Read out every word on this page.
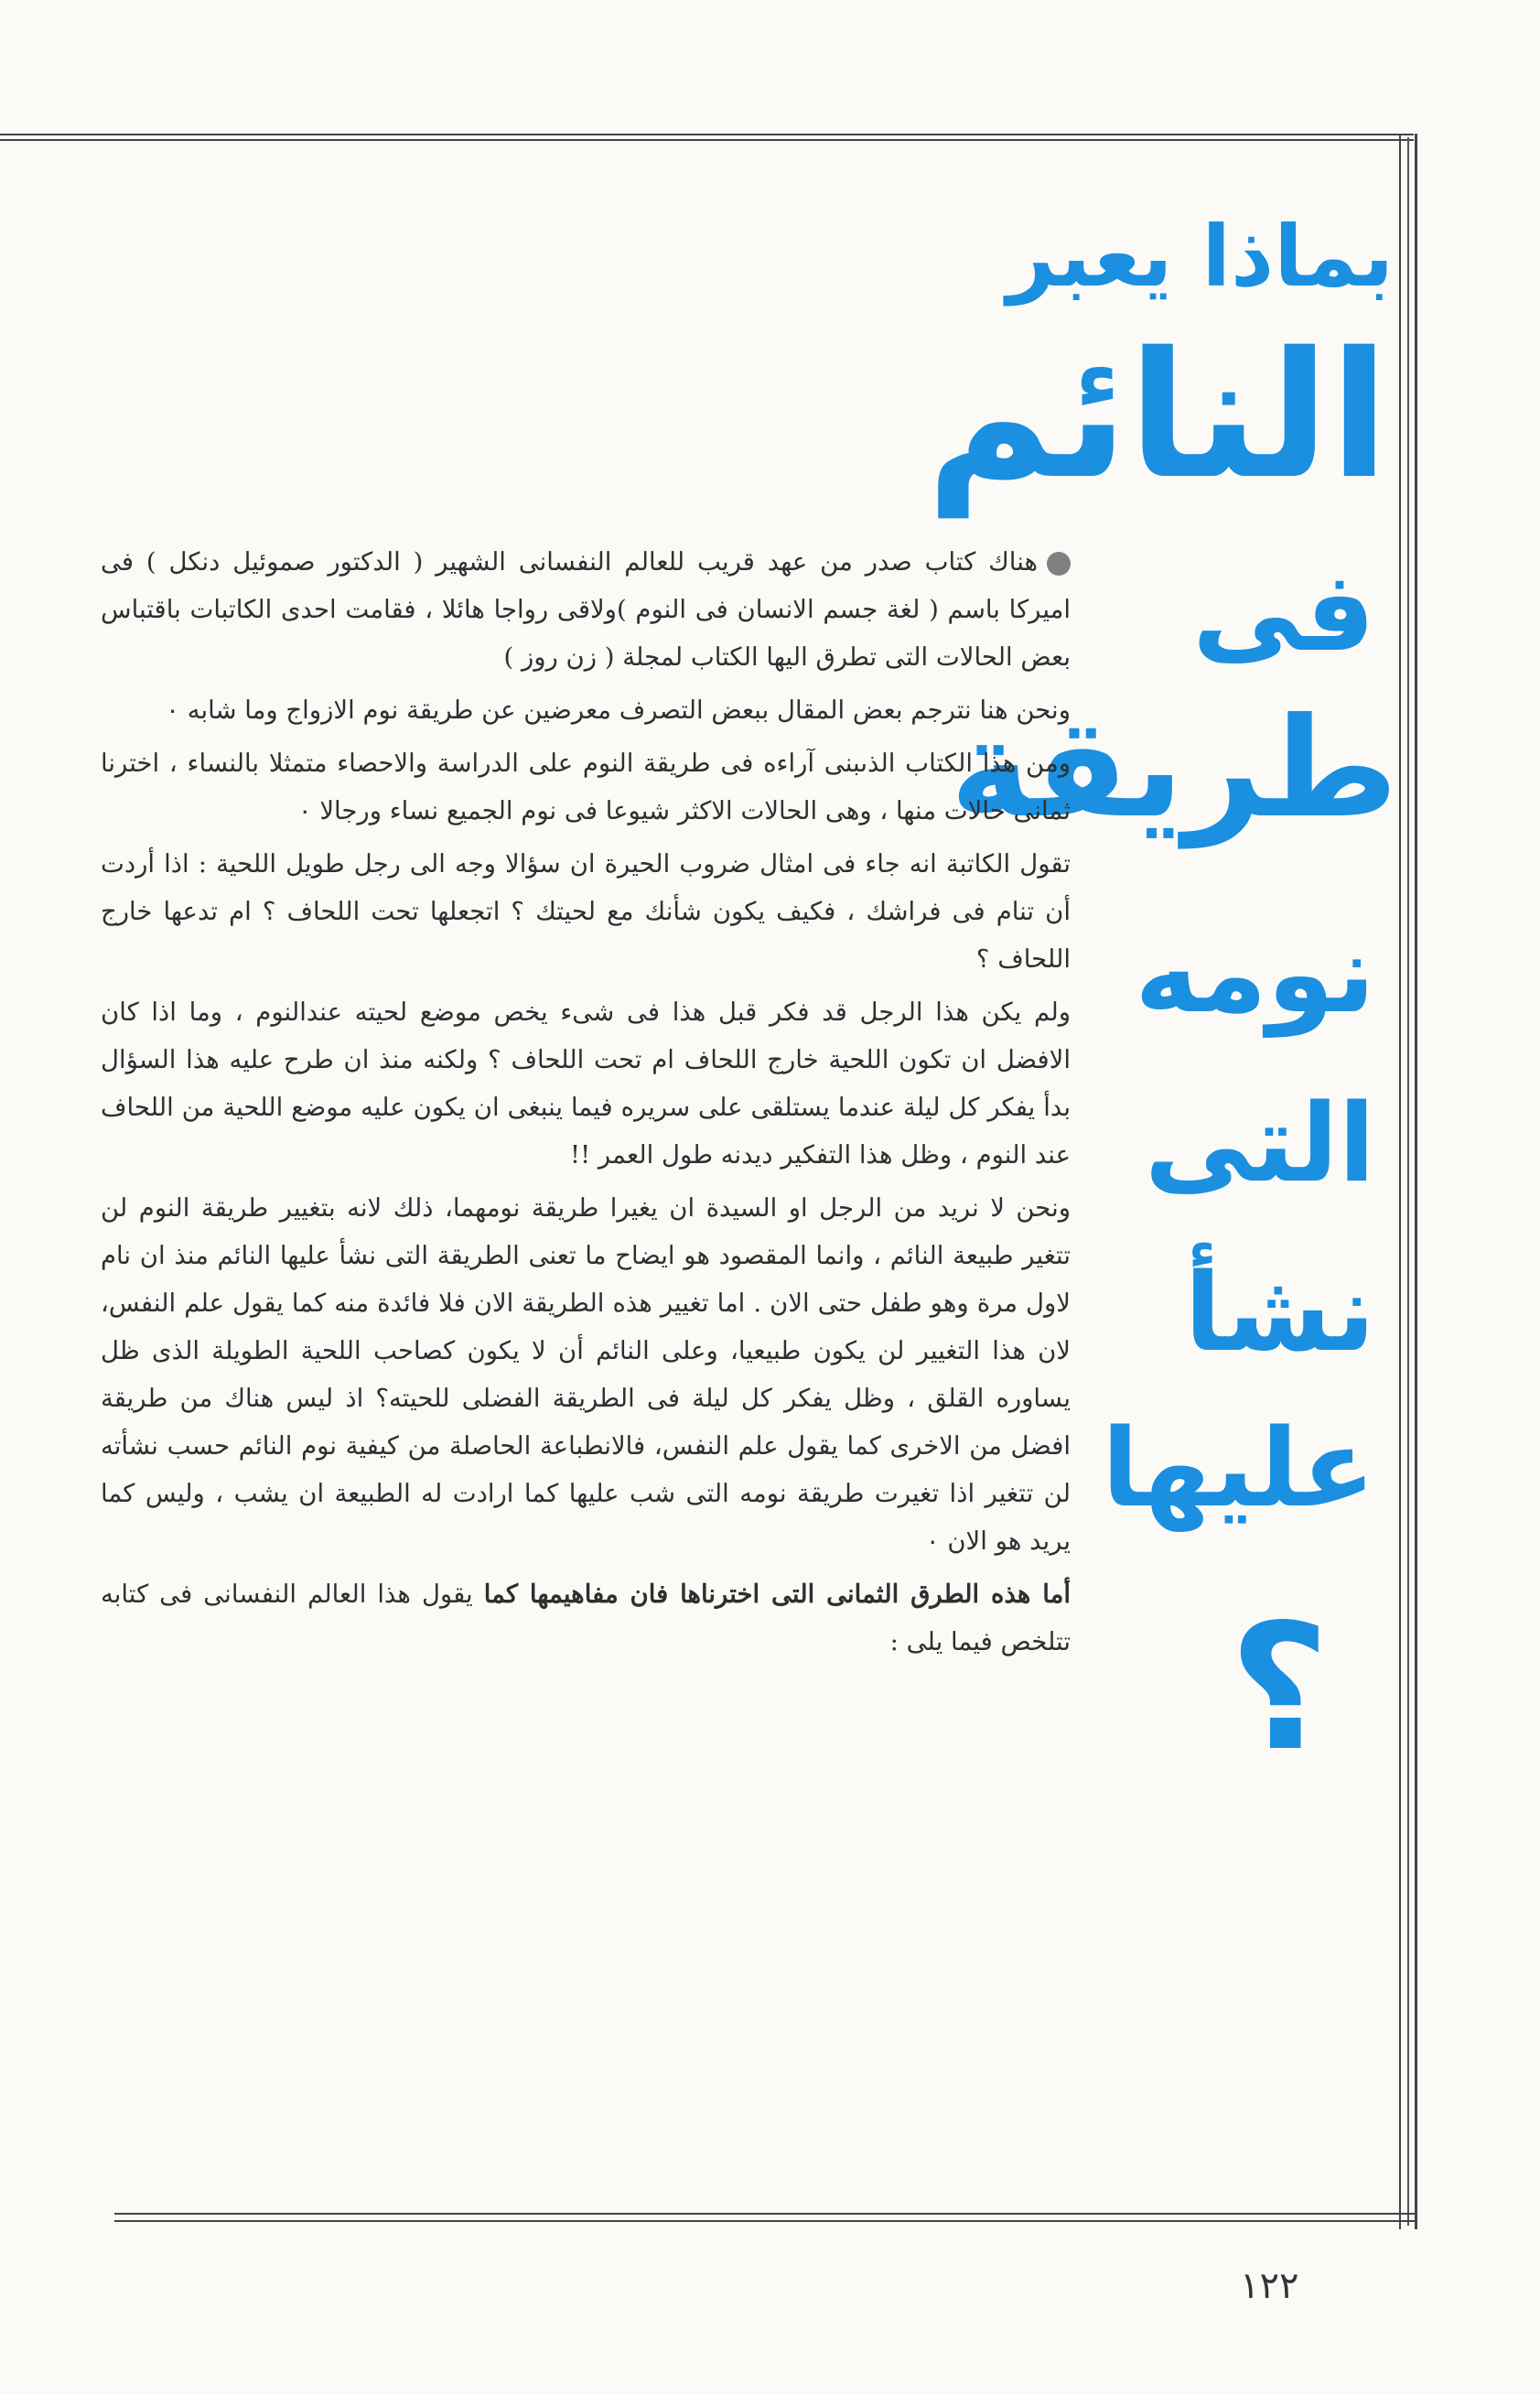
بماذا يعبر
النائم
فى
طريقة
نومه
التى
نشأ
عليها
؟

هناك كتاب صدر من عهد قريب للعالم النفسانى الشهير ( الدكتور صموئيل دنكل ) فى اميركا باسم ( لغة جسم الانسان فى النوم )ولاقى رواجا هائلا ، فقامت احدى الكاتبات باقتباس بعض الحالات التى تطرق اليها الكتاب لمجلة ( زن روز )

ونحن هنا نترجم بعض المقال ببعض التصرف معرضين عن طريقة نوم الازواج وما شابه ٠

ومن هذا الكتاب الذىبنى آراءه فى طريقة النوم على الدراسة والاحصاء متمثلا بالنساء ، اخترنا ثمانى حالات منها ، وهى الحالات الاكثر شيوعا فى نوم الجميع نساء ورجالا ٠

تقول الكاتبة انه جاء فى امثال ضروب الحيرة ان سؤالا وجه الى رجل طويل اللحية : اذا أردت أن تنام فى فراشك ، فكيف يكون شأنك مع لحيتك ؟ اتجعلها تحت اللحاف ؟ ام تدعها خارج اللحاف ؟

ولم يكن هذا الرجل قد فكر قبل هذا فى شىء يخص موضع لحيته عندالنوم ، وما اذا كان الافضل ان تكون اللحية خارج اللحاف ام تحت اللحاف ؟ ولكنه منذ ان طرح عليه هذا السؤال بدأ يفكر كل ليلة عندما يستلقى على سريره فيما ينبغى ان يكون عليه موضع اللحية من اللحاف عند النوم ، وظل هذا التفكير ديدنه طول العمر !!

ونحن لا نريد من الرجل او السيدة ان يغيرا طريقة نومهما، ذلك لانه بتغيير طريقة النوم لن تتغير طبيعة النائم ، وانما المقصود هو ايضاح ما تعنى الطريقة التى نشأ عليها النائم منذ ان نام لاول مرة وهو طفل حتى الان . اما تغيير هذه الطريقة الان فلا فائدة منه كما يقول علم النفس، لان هذا التغيير لن يكون طبيعيا، وعلى النائم أن لا يكون كصاحب اللحية الطويلة الذى ظل يساوره القلق ، وظل يفكر كل ليلة فى الطريقة الفضلى للحيته؟ اذ ليس هناك من طريقة افضل من الاخرى كما يقول علم النفس، فالانطباعة الحاصلة من كيفية نوم النائم حسب نشأته لن تتغير اذا تغيرت طريقة نومه التى شب عليها كما ارادت له الطبيعة ان يشب ، وليس كما يريد هو الان ٠

أما هذه الطرق الثمانى التى اخترناها فان مفاهيمها كما يقول هذا العالم النفسانى فى كتابه تتلخص فيما يلى :

١٢٢
